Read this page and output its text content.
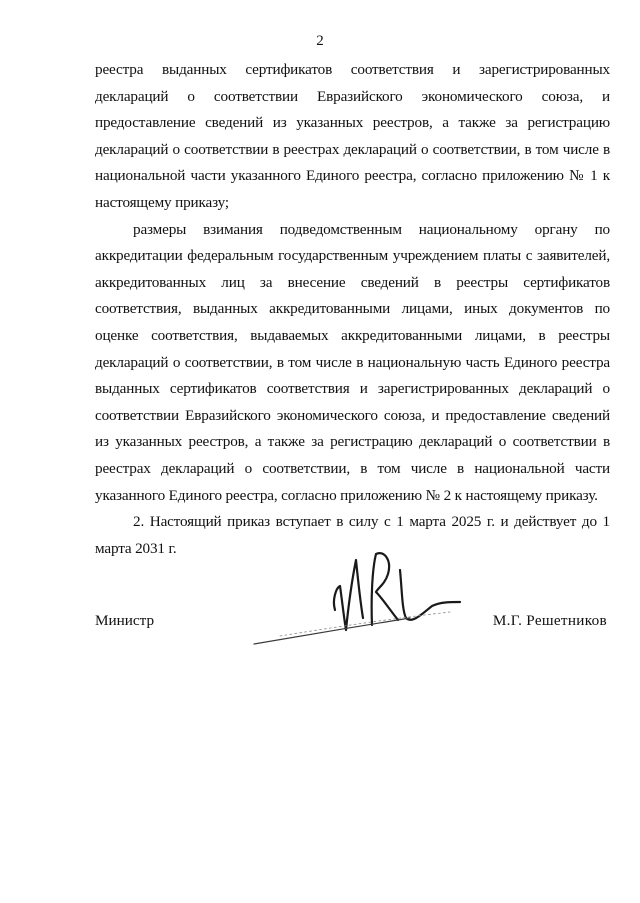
2

реестра выданных сертификатов соответствия и зарегистрированных деклараций о соответствии Евразийского экономического союза, и предоставление сведений из указанных реестров, а также за регистрацию деклараций о соответствии в реестрах деклараций о соответствии, в том числе в национальной части указанного Единого реестра, согласно приложению № 1 к настоящему приказу;

размеры взимания подведомственным национальному органу по аккредитации федеральным государственным учреждением платы с заявителей, аккредитованных лиц за внесение сведений в реестры сертификатов соответствия, выданных аккредитованными лицами, иных документов по оценке соответствия, выдаваемых аккредитованными лицами, в реестры деклараций о соответствии, в том числе в национальную часть Единого реестра выданных сертификатов соответствия и зарегистрированных деклараций о соответствии Евразийского экономического союза, и предоставление сведений из указанных реестров, а также за регистрацию деклараций о соответствии в реестрах деклараций о соответствии, в том числе в национальной части указанного Единого реестра, согласно приложению № 2 к настоящему приказу.

2. Настоящий приказ вступает в силу с 1 марта 2025 г. и действует до 1 марта 2031 г.

Министр	М.Г. Решетников
